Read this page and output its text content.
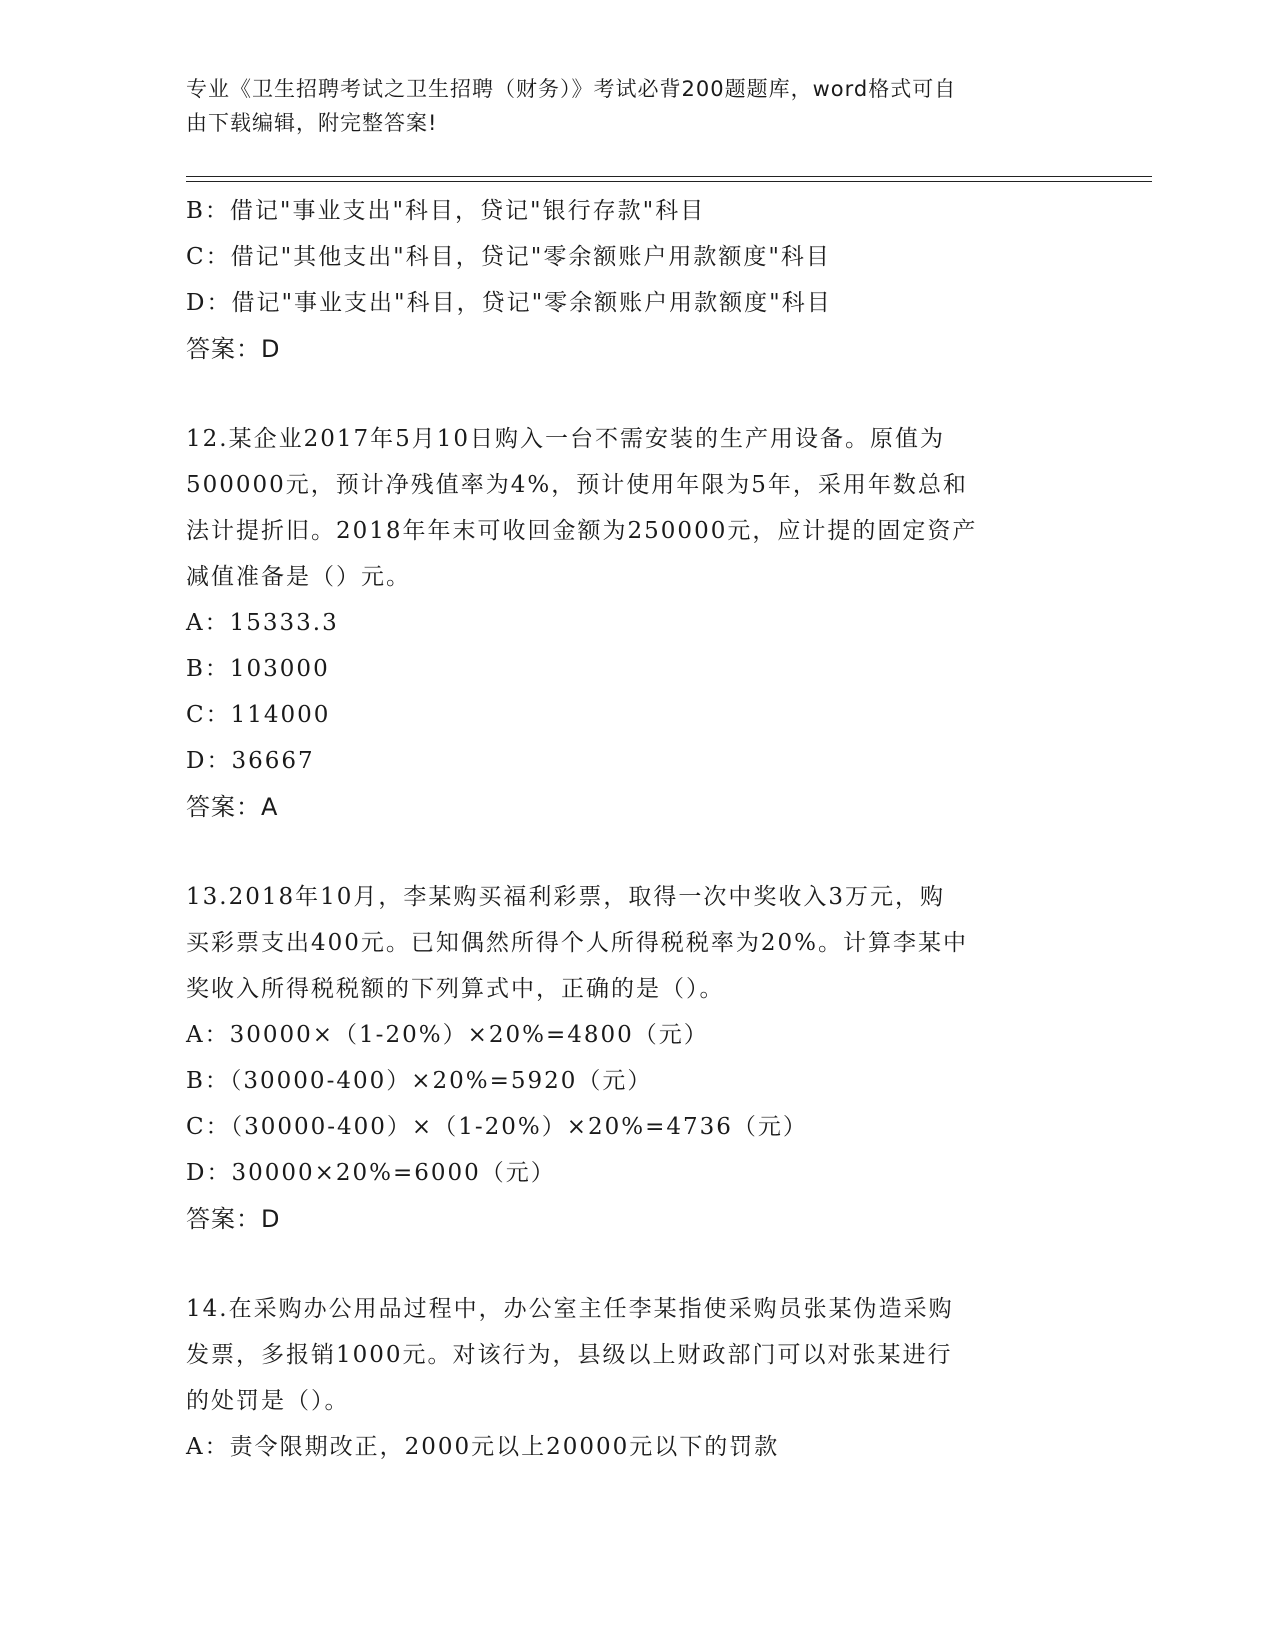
专业《卫生招聘考试之卫生招聘（财务）》考试必背200题题库，word格式可自
由下载编辑，附完整答案!
B：借记"事业支出"科目，贷记"银行存款"科目
C：借记"其他支出"科目，贷记"零余额账户用款额度"科目
D：借记"事业支出"科目，贷记"零余额账户用款额度"科目
答案：D
12.某企业2017年5月10日购入一台不需安装的生产用设备。原值为
500000元，预计净残值率为4%，预计使用年限为5年，采用年数总和
法计提折旧。2018年年末可收回金额为250000元，应计提的固定资产
减值准备是（）元。
A：15333.3
B：103000
C：114000
D：36667
答案：A
13.2018年10月，李某购买福利彩票，取得一次中奖收入3万元，购
买彩票支出400元。已知偶然所得个人所得税税率为20%。计算李某中
奖收入所得税税额的下列算式中，正确的是（）。
A：30000×（1-20%）×20%=4800（元）
B：（30000-400）×20%=5920（元）
C：（30000-400）×（1-20%）×20%=4736（元）
D：30000×20%=6000（元）
答案：D
14.在采购办公用品过程中，办公室主任李某指使采购员张某伪造采购
发票，多报销1000元。对该行为，县级以上财政部门可以对张某进行
的处罚是（）。
A：责令限期改正，2000元以上20000元以下的罚款
